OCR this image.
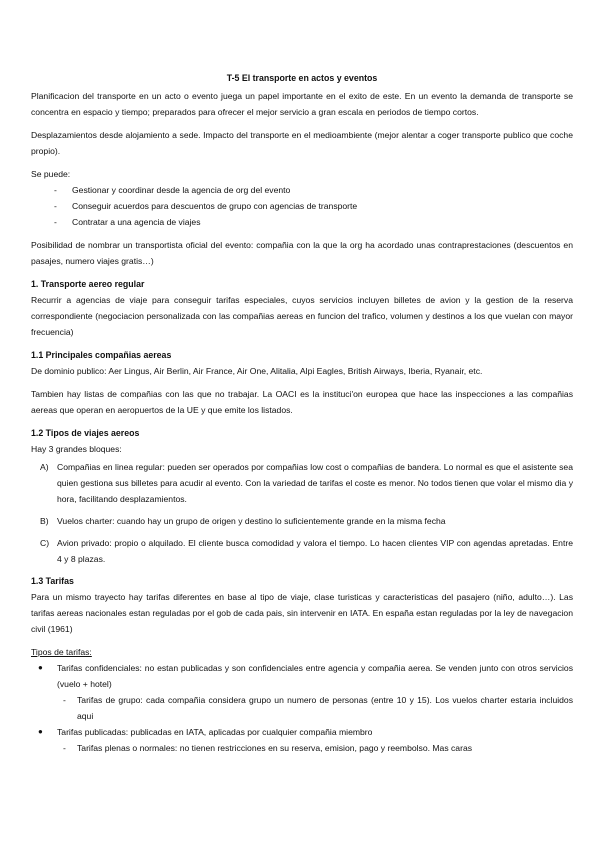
T-5 El transporte en actos y eventos

Planificacion del transporte en un acto o evento juega un papel importante en el exito de este. En un evento la demanda de transporte se concentra en espacio y tiempo; preparados para ofrecer el mejor servicio a gran escala en periodos de tiempo cortos.

Desplazamientos desde alojamiento a sede. Impacto del transporte en el medioambiente (mejor alentar a coger transporte publico que coche propio).

Se puede:

- Gestionar y coordinar desde la agencia de org del evento
- Conseguir acuerdos para descuentos de grupo con agencias de transporte
- Contratar a una agencia de viajes

Posibilidad de nombrar un transportista oficial del evento: compañia con la que la org ha acordado unas contraprestaciones (descuentos en pasajes, numero viajes gratis…)

1. Transporte aereo regular

Recurrir a agencias de viaje para conseguir tarifas especiales, cuyos servicios incluyen billetes de avion y la gestion de la reserva correspondiente (negociacion personalizada con las compañias aereas en funcion del trafico, volumen y destinos a los que vuelan con mayor frecuencia)

1.1 Principales compañias aereas

De dominio publico: Aer Lingus, Air Berlin, Air France, Air One, Alitalia, Alpi Eagles, British Airways, Iberia, Ryanair, etc.

Tambien hay listas de compañias con las que no trabajar. La OACI es la instituci'on europea que hace las inspecciones a las compañias aereas que operan en aeropuertos de la UE y que emite los listados.

1.2 Tipos de viajes aereos

Hay 3 grandes bloques:

A) Compañias en linea regular: pueden ser operados por compañias low cost o compañias de bandera. Lo normal es que el asistente sea quien gestiona sus billetes para acudir al evento. Con la variedad de tarifas el coste es menor. No todos tienen que volar el mismo dia y hora, facilitando desplazamientos.
B) Vuelos charter: cuando hay un grupo de origen y destino lo suficientemente grande en la misma fecha
C) Avion privado: propio o alquilado. El cliente busca comodidad y valora el tiempo. Lo hacen clientes VIP con agendas apretadas. Entre 4 y 8 plazas.
1.3 Tarifas

Para un mismo trayecto hay tarifas diferentes en base al tipo de viaje, clase turisticas y caracteristicas del pasajero (niño, adulto…). Las tarifas aereas nacionales estan reguladas por el gob de cada pais, sin intervenir en IATA. En españa estan reguladas por la ley de navegacion civil (1961)

Tipos de tarifas:

● Tarifas confidenciales: no estan publicadas y son confidenciales entre agencia y compañia aerea. Se venden junto con otros servicios (vuelo + hotel)
- Tarifas de grupo: cada compañia considera grupo un numero de personas (entre 10 y 15). Los vuelos charter estaria incluidos aqui
● Tarifas publicadas: publicadas en IATA, aplicadas por cualquier compañia miembro
- Tarifas plenas o normales: no tienen restricciones en su reserva, emision, pago y reembolso. Mas caras
